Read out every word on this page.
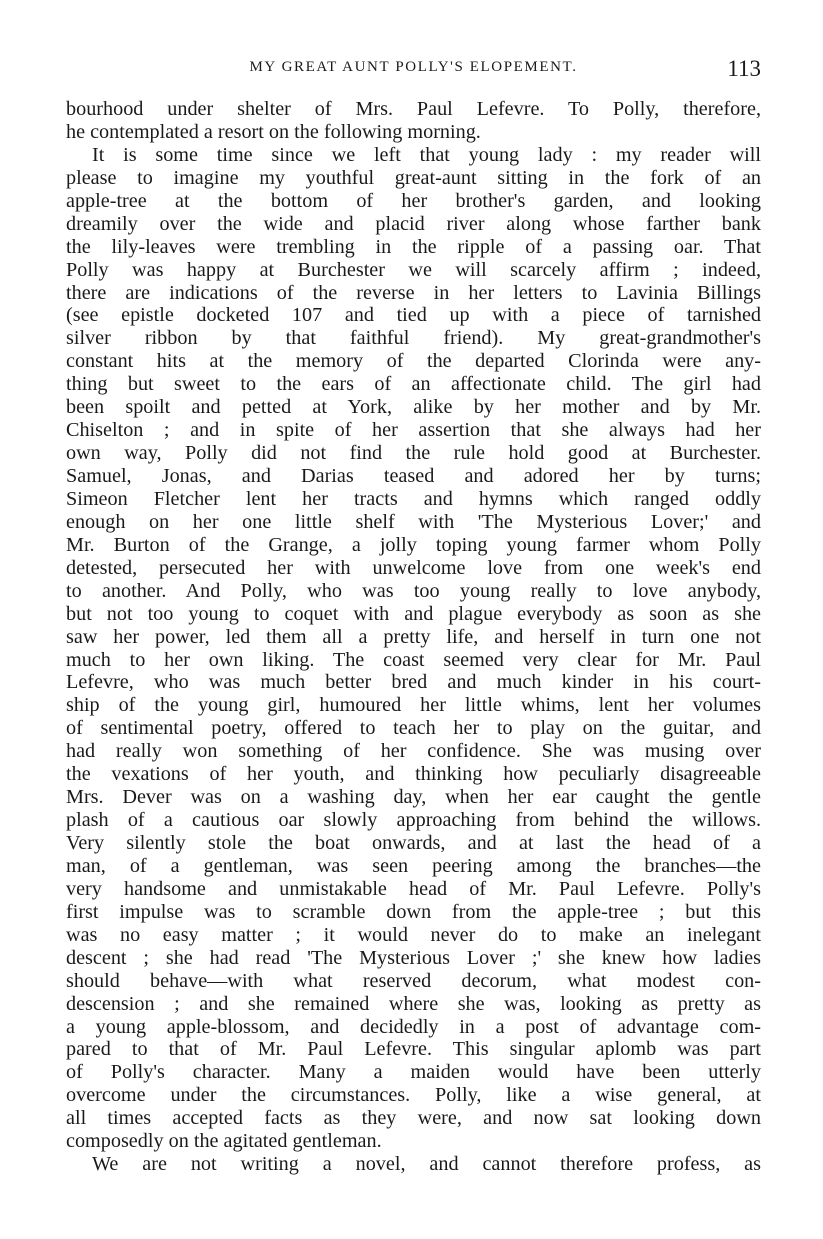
MY GREAT AUNT POLLY'S ELOPEMENT.	113
bourhood under shelter of Mrs. Paul Lefevre. To Polly, therefore,
he contemplated a resort on the following morning.
It is some time since we left that young lady : my reader will
please to imagine my youthful great-aunt sitting in the fork of an
apple-tree at the bottom of her brother's garden, and looking
dreamily over the wide and placid river along whose farther bank
the lily-leaves were trembling in the ripple of a passing oar. That
Polly was happy at Burchester we will scarcely affirm ; indeed,
there are indications of the reverse in her letters to Lavinia Billings
(see epistle docketed 107 and tied up with a piece of tarnished
silver ribbon by that faithful friend). My great-grandmother's
constant hits at the memory of the departed Clorinda were any-
thing but sweet to the ears of an affectionate child. The girl had
been spoilt and petted at York, alike by her mother and by Mr.
Chiselton ; and in spite of her assertion that she always had her
own way, Polly did not find the rule hold good at Burchester.
Samuel, Jonas, and Darias teased and adored her by turns;
Simeon Fletcher lent her tracts and hymns which ranged oddly
enough on her one little shelf with 'The Mysterious Lover;' and
Mr. Burton of the Grange, a jolly toping young farmer whom Polly
detested, persecuted her with unwelcome love from one week's end
to another. And Polly, who was too young really to love anybody,
but not too young to coquet with and plague everybody as soon as she
saw her power, led them all a pretty life, and herself in turn one not
much to her own liking. The coast seemed very clear for Mr. Paul
Lefevre, who was much better bred and much kinder in his court-
ship of the young girl, humoured her little whims, lent her volumes
of sentimental poetry, offered to teach her to play on the guitar, and
had really won something of her confidence. She was musing over
the vexations of her youth, and thinking how peculiarly disagreeable
Mrs. Dever was on a washing day, when her ear caught the gentle
plash of a cautious oar slowly approaching from behind the willows.
Very silently stole the boat onwards, and at last the head of a
man, of a gentleman, was seen peering among the branches—the
very handsome and unmistakable head of Mr. Paul Lefevre. Polly's
first impulse was to scramble down from the apple-tree ; but this
was no easy matter ; it would never do to make an inelegant
descent ; she had read 'The Mysterious Lover ;' she knew how ladies
should behave—with what reserved decorum, what modest con-
descension ; and she remained where she was, looking as pretty as
a young apple-blossom, and decidedly in a post of advantage com-
pared to that of Mr. Paul Lefevre. This singular aplomb was part
of Polly's character. Many a maiden would have been utterly
overcome under the circumstances. Polly, like a wise general, at
all times accepted facts as they were, and now sat looking down
composedly on the agitated gentleman.
We are not writing a novel, and cannot therefore profess, as
